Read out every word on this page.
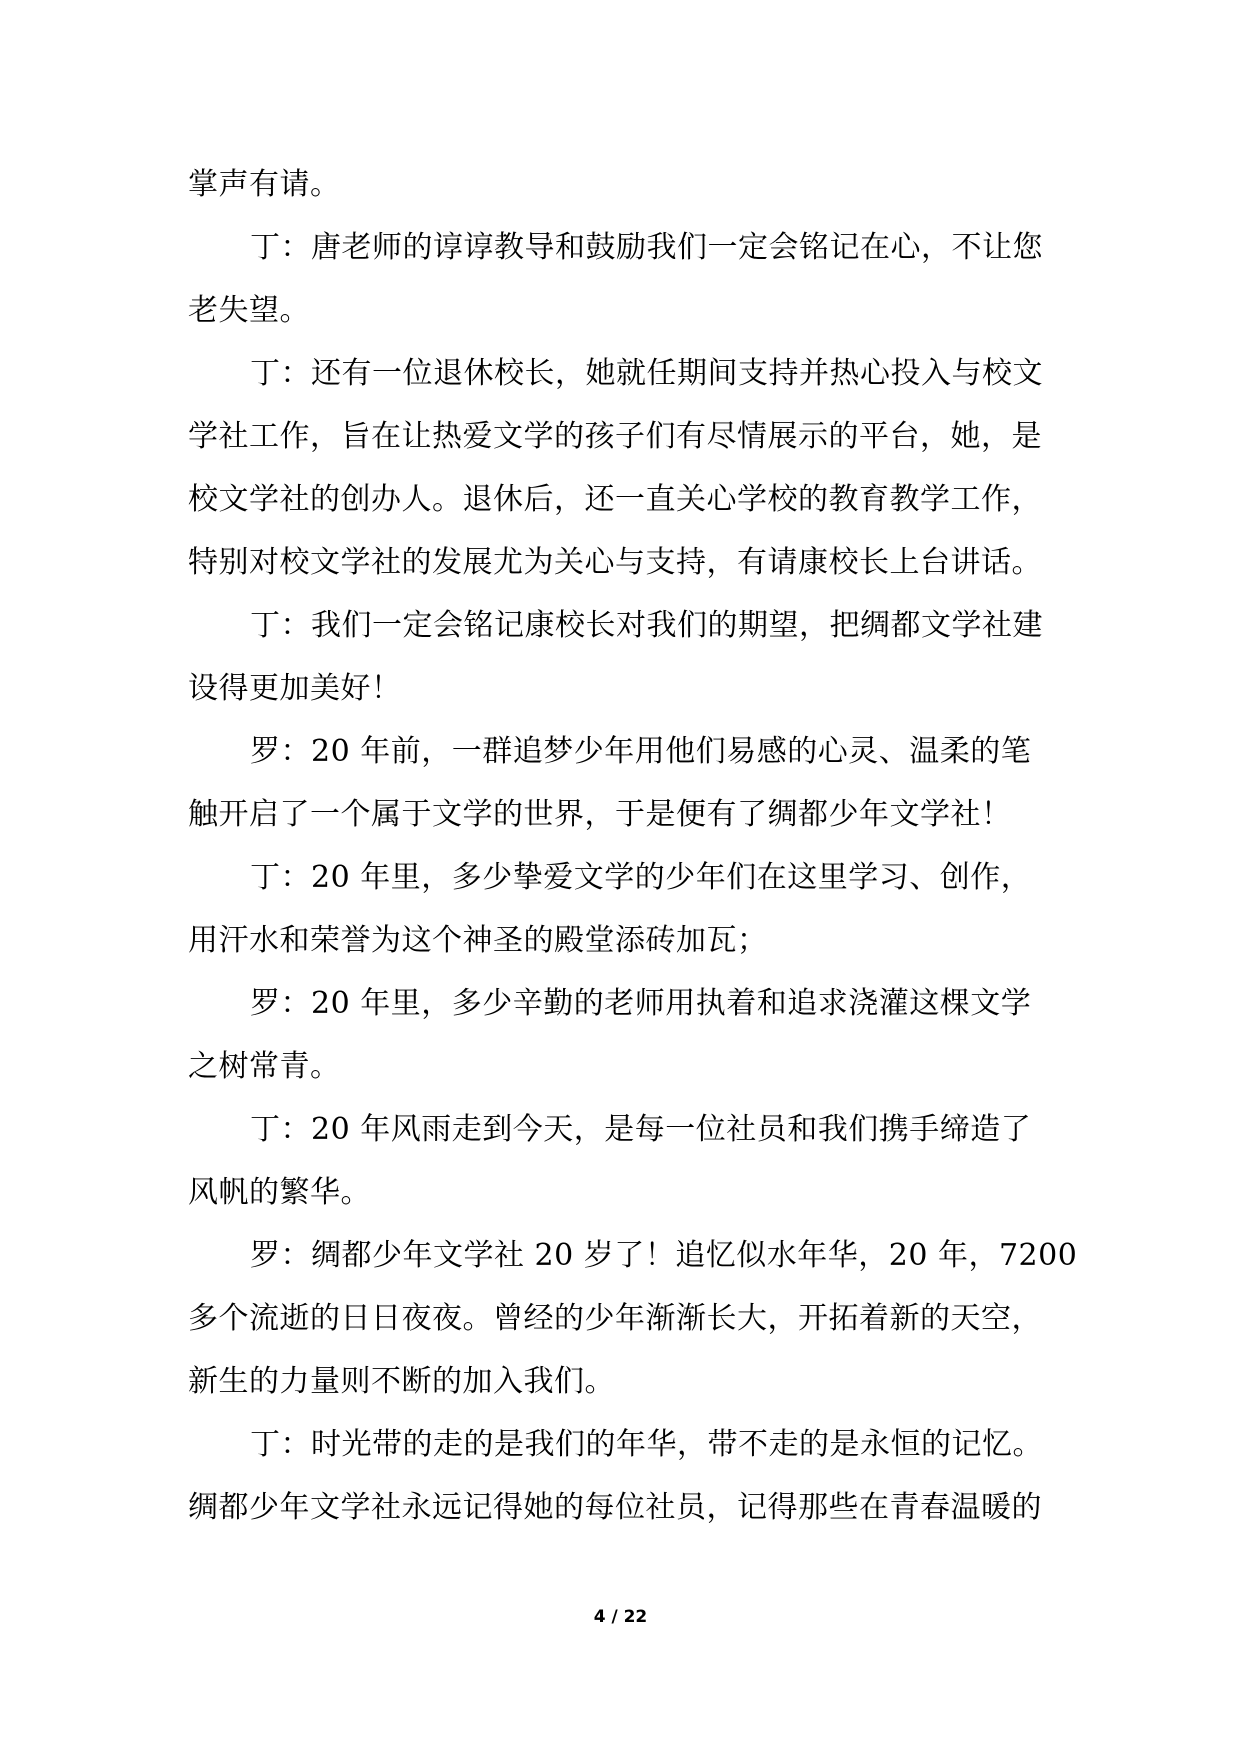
掌声有请。

丁：唐老师的谆谆教导和鼓励我们一定会铭记在心，不让您

老失望。

丁：还有一位退休校长，她就任期间支持并热心投入与校文

学社工作，旨在让热爱文学的孩子们有尽情展示的平台，她，是

校文学社的创办人。退休后，还一直关心学校的教育教学工作，

特别对校文学社的发展尤为关心与支持，有请康校长上台讲话。

丁：我们一定会铭记康校长对我们的期望，把绸都文学社建

设得更加美好！

罗：20 年前，一群追梦少年用他们易感的心灵、温柔的笔

触开启了一个属于文学的世界，于是便有了绸都少年文学社！

丁：20 年里，多少挚爱文学的少年们在这里学习、创作，

用汗水和荣誉为这个神圣的殿堂添砖加瓦；

罗：20 年里，多少辛勤的老师用执着和追求浇灌这棵文学

之树常青。

丁：20 年风雨走到今天，是每一位社员和我们携手缔造了

风帆的繁华。

罗：绸都少年文学社 20 岁了！追忆似水年华，20 年，7200

多个流逝的日日夜夜。曾经的少年渐渐长大，开拓着新的天空，

新生的力量则不断的加入我们。

丁：时光带的走的是我们的年华，带不走的是永恒的记忆。

绸都少年文学社永远记得她的每位社员，记得那些在青春温暖的

4 / 22
